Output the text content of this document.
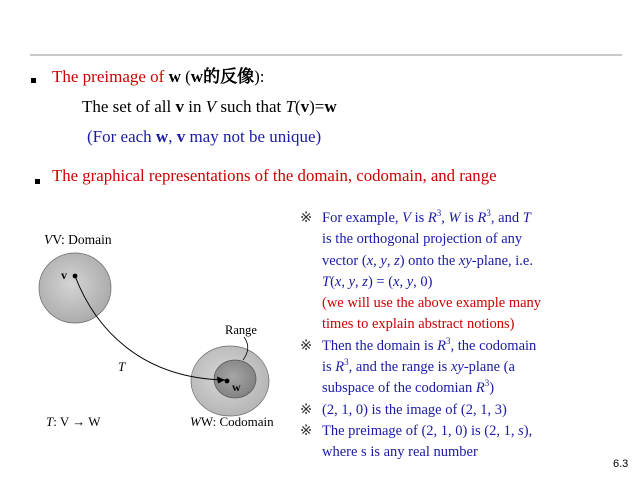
The preimage of w (w的反像):
The set of all v in V such that T(v)=w
(For each w, v may not be unique)
The graphical representations of the domain, codomain, and range
VV: Domain
v
w
Range
T
T: V → W	WW: Codomain
※ For example, V is $R^3$, W is $R^3$, and T
is the orthogonal projection of any
vector (x, y, z) onto the xy-plane, i.e.
T(x, y, z) = (x, y, 0)
(we will use the above example many
times to explain abstract notions)
※ Then the domain is $R^3$, the codomain
is $R^3$, and the range is xy-plane (a
subspace of the codomian $R^3$)
※ (2, 1, 0) is the image of (2, 1, 3)
※ The preimage of (2, 1, 0) is (2, 1, s),
where s is any real number
6.3
